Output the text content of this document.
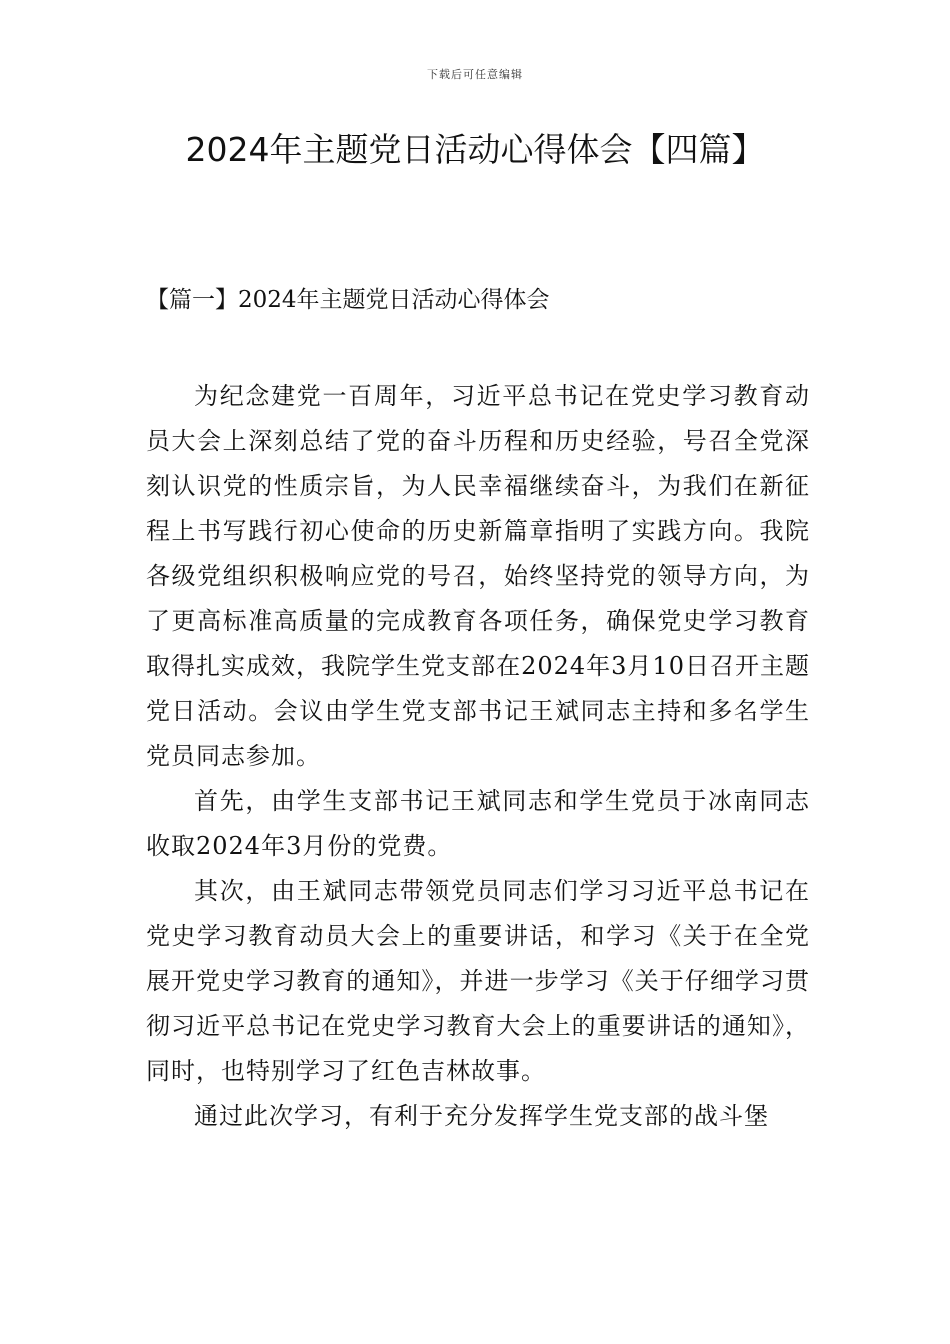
下载后可任意编辑
2024年主题党日活动心得体会【四篇】
【篇一】2024年主题党日活动心得体会

为纪念建党一百周年，习近平总书记在党史学习教育动员大会上深刻总结了党的奋斗历程和历史经验，号召全党深刻认识党的性质宗旨，为人民幸福继续奋斗，为我们在新征程上书写践行初心使命的历史新篇章指明了实践方向。我院各级党组织积极响应党的号召，始终坚持党的领导方向，为了更高标准高质量的完成教育各项任务，确保党史学习教育取得扎实成效，我院学生党支部在2024年3月10日召开主题党日活动。会议由学生党支部书记王斌同志主持和多名学生党员同志参加。

首先，由学生支部书记王斌同志和学生党员于冰南同志收取2024年3月份的党费。

其次，由王斌同志带领党员同志们学习习近平总书记在党史学习教育动员大会上的重要讲话，和学习《关于在全党展开党史学习教育的通知》，并进一步学习《关于仔细学习贯彻习近平总书记在党史学习教育大会上的重要讲话的通知》，同时，也特别学习了红色吉林故事。

通过此次学习，有利于充分发挥学生党支部的战斗堡
